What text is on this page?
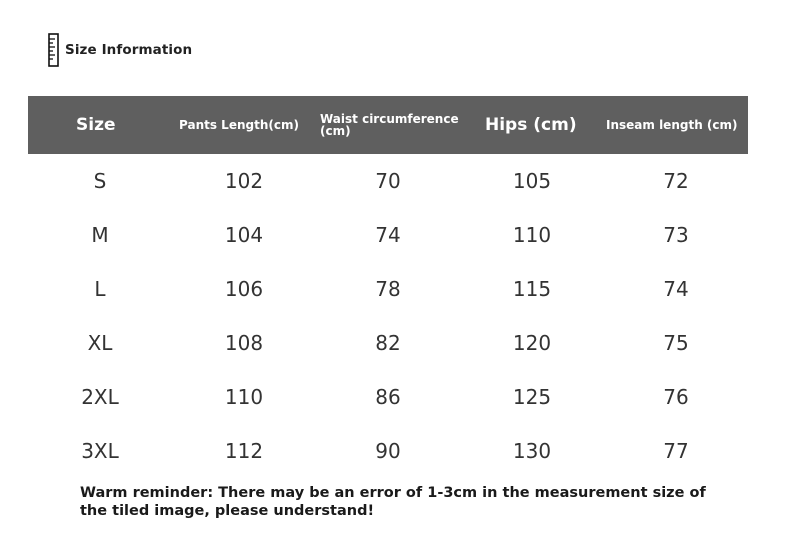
Size Information
Size	Pants Length(cm)	Waist circumference (cm)	Hips (cm)	Inseam length (cm)
S	102	70	105	72
M	104	74	110	73
L	106	78	115	74
XL	108	82	120	75
2XL	110	86	125	76
3XL	112	90	130	77
Warm reminder: There may be an error of 1-3cm in the measurement size of the tiled image, please understand!
